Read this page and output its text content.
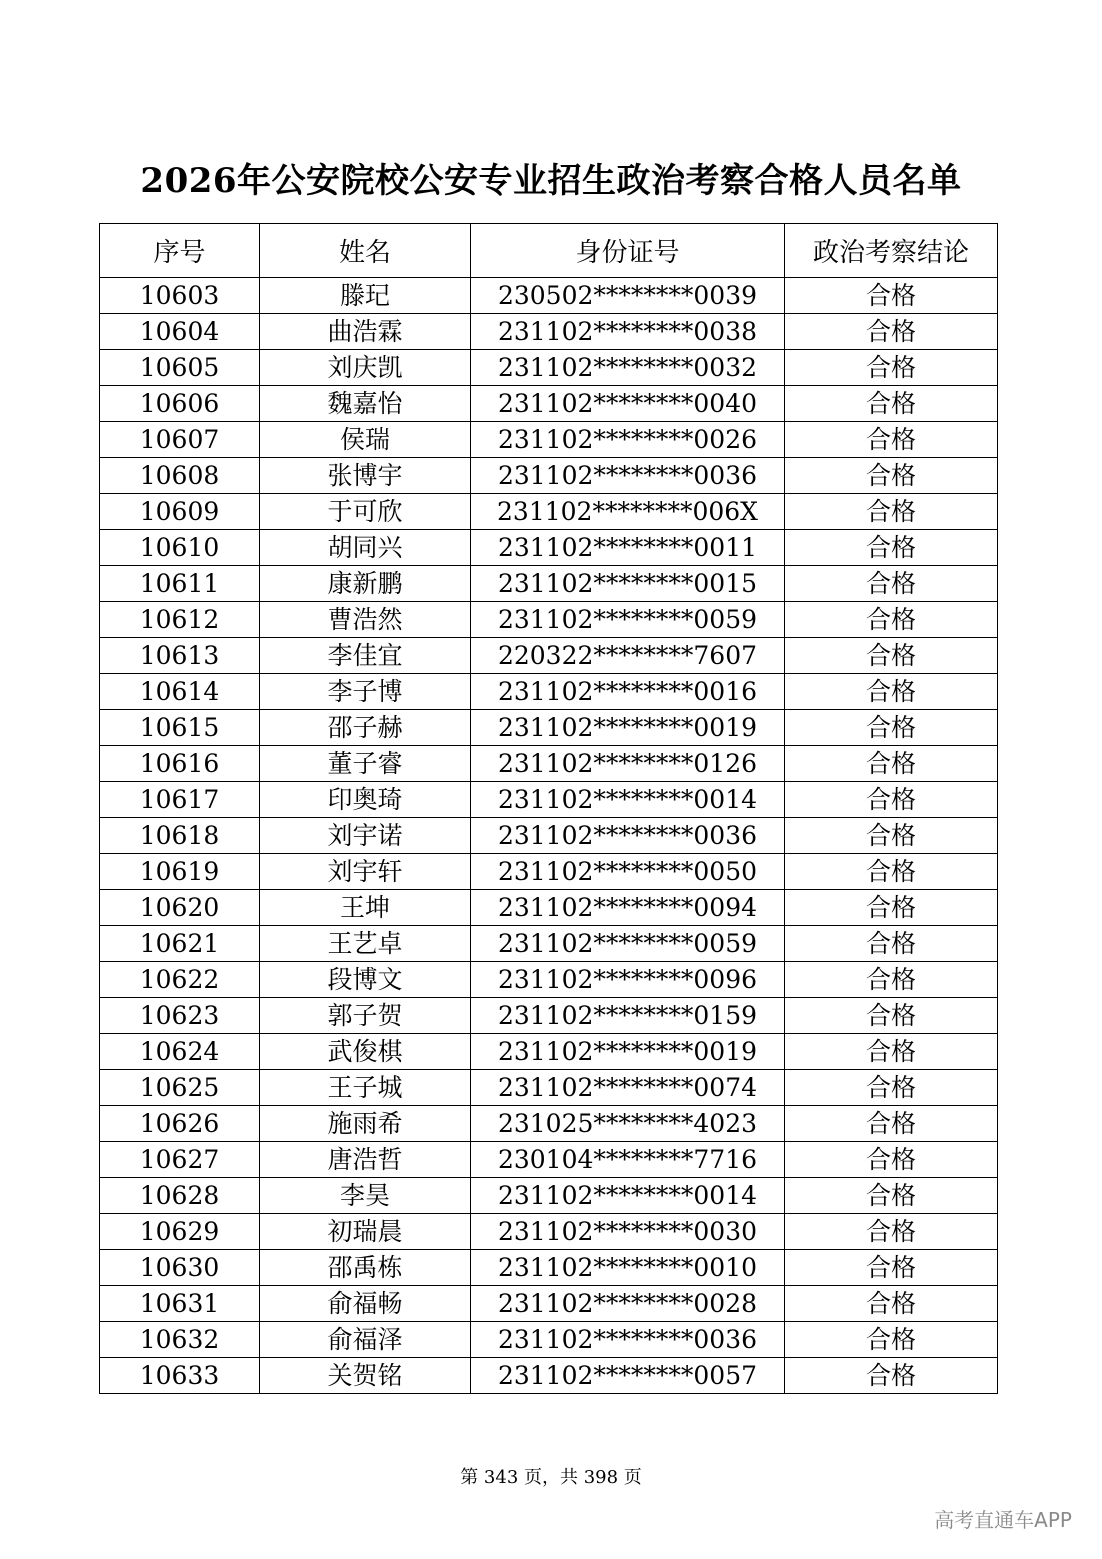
2026年公安院校公安专业招生政治考察合格人员名单
序号	姓名	身份证号	政治考察结论
10603	滕玘	230502********0039	合格
10604	曲浩霖	231102********0038	合格
10605	刘庆凯	231102********0032	合格
10606	魏嘉怡	231102********0040	合格
10607	侯瑞	231102********0026	合格
10608	张博宇	231102********0036	合格
10609	于可欣	231102********006X	合格
10610	胡同兴	231102********0011	合格
10611	康新鹏	231102********0015	合格
10612	曹浩然	231102********0059	合格
10613	李佳宜	220322********7607	合格
10614	李子博	231102********0016	合格
10615	邵子赫	231102********0019	合格
10616	董子睿	231102********0126	合格
10617	印奥琦	231102********0014	合格
10618	刘宇诺	231102********0036	合格
10619	刘宇轩	231102********0050	合格
10620	王坤	231102********0094	合格
10621	王艺卓	231102********0059	合格
10622	段博文	231102********0096	合格
10623	郭子贺	231102********0159	合格
10624	武俊棋	231102********0019	合格
10625	王子城	231102********0074	合格
10626	施雨希	231025********4023	合格
10627	唐浩哲	230104********7716	合格
10628	李昊	231102********0014	合格
10629	初瑞晨	231102********0030	合格
10630	邵禹栋	231102********0010	合格
10631	俞福畅	231102********0028	合格
10632	俞福泽	231102********0036	合格
10633	关贺铭	231102********0057	合格
第 343 页，共 398 页
高考直通车APP
